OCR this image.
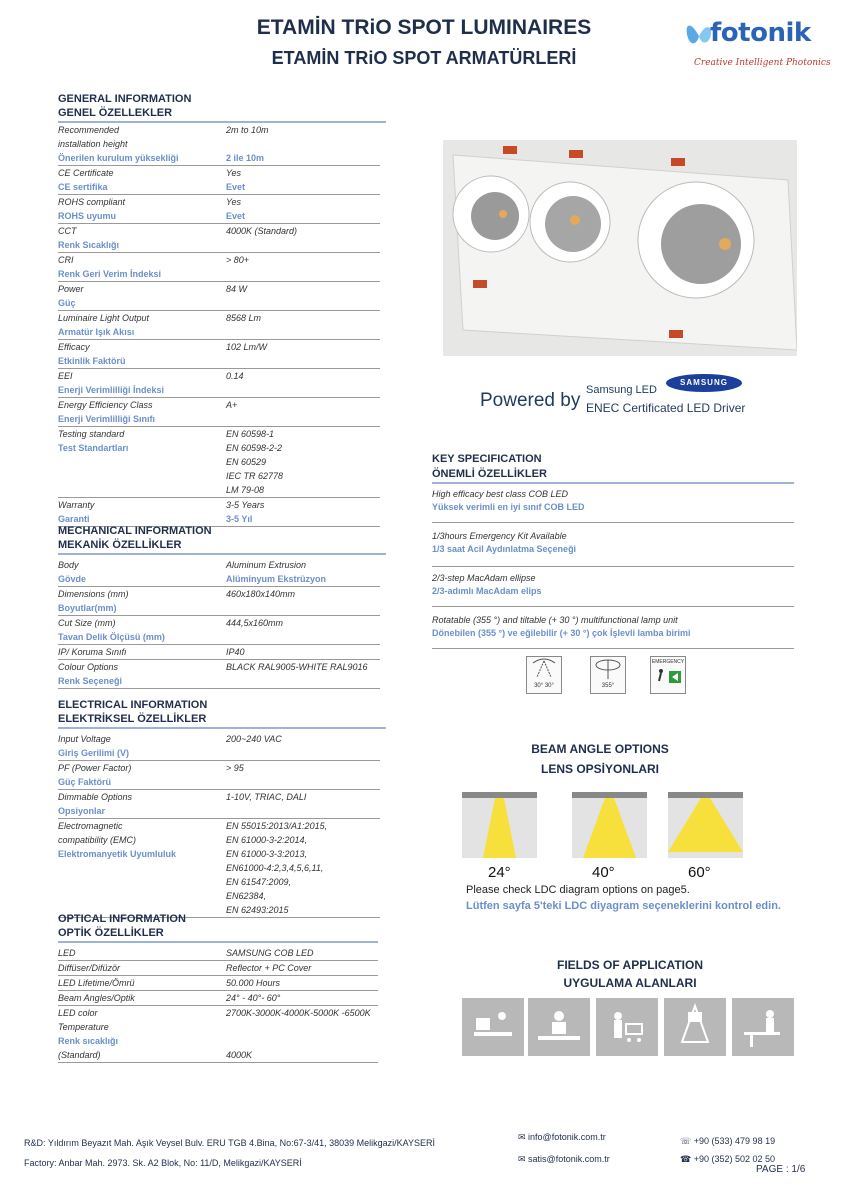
ETAMİN TRiO SPOT LUMINAIRES
ETAMİN TRiO SPOT ARMATÜRLERİ
fotonik
Creative Intelligent Photonics
GENERAL INFORMATION
GENEL ÖZELLEKLER
Recommended	2m to 10m
installation height
Önerilen kurulum yüksekliği	2 ile 10m
CE Certificate	Yes
CE sertifika	Evet
ROHS compliant	Yes
ROHS uyumu	Evet
CCT	4000K (Standard)
Renk Sıcaklığı
CRI	> 80+
Renk Geri Verim İndeksi
Power	84 W
Güç
Luminaire Light Output	8568 Lm
Armatür Işık Akısı
Efficacy	102 Lm/W
Etkinlik Faktörü
EEI	0.14
Enerji Verimlilliği İndeksi
Energy Efficiency Class	A+
Enerji Verimlilliği Sınıfı
Testing standard	EN 60598-1
Test Standartları	EN 60598-2-2
EN 60529
IEC TR 62778
LM 79-08
Warranty	3-5 Years
Garanti	3-5 Yıl
MECHANICAL INFORMATION
MEKANİK ÖZELLİKLER
Body	Aluminum Extrusion
Gövde	Alüminyum Ekstrüzyon
Dimensions (mm)	460x180x140mm
Boyutlar(mm)
Cut Size (mm)	444,5x160mm
Tavan Delik Ölçüsü (mm)
IP/ Koruma Sınıfı	IP40
Colour Options	BLACK RAL9005-WHITE RAL9016
Renk Seçeneği
ELECTRICAL INFORMATION
ELEKTRİKSEL ÖZELLİKLER
Input Voltage	200~240 VAC
Giriş Gerilimi (V)
PF (Power Factor)	> 95
Güç Faktörü
Dimmable Options	1-10V, TRIAC, DALI
Opsiyonlar
Electromagnetic	EN 55015:2013/A1:2015,
compatibility (EMC)	EN 61000-3-2:2014,
Elektromanyetik Uyumluluk	EN 61000-3-3:2013,
EN61000-4:2,3,4,5,6,11,
EN 61547:2009,
EN62384,
EN 62493:2015
OPTICAL INFORMATION
OPTİK ÖZELLİKLER
LED	SAMSUNG COB LED
Diffüser/Difüzör	Reflector + PC Cover
LED Lifetime/Ömrü	50.000 Hours
Beam Angles/Optik	24° - 40°- 60°
LED color	2700K-3000K-4000K-5000K -6500K
Temperature
Renk sıcaklığı
(Standard)	4000K
Powered by Samsung LED
SAMSUNG
ENEC Certificated LED Driver
KEY SPECIFICATION
ÖNEMLİ ÖZELLİKLER
High efficacy best class COB LED
Yüksek verimli en iyi sınıf COB LED
1/3hours Emergency Kit Available
1/3 saat Acil Aydınlatma Seçeneği
2/3-step MacAdam ellipse
2/3-adımlı MacAdam elips
Rotatable (355 °) and tiltable (+ 30 °) multifunctional lamp unit
Dönebilen (355 °) ve eğilebilir (+ 30 °) çok İşlevli lamba birimi
30° 30°	355°
EMERGENCY
BEAM ANGLE OPTIONS
LENS OPSİYONLARI
24°	40°	60°
Please check LDC diagram options on page5.
Lütfen sayfa 5'teki LDC diyagram seçeneklerini kontrol edin.
FIELDS OF APPLICATION
UYGULAMA ALANLARI
R&D: Yıldırım Beyazıt Mah. Aşık Veysel Bulv. ERU TGB 4.Bina, No:67-3/41, 38039 Melikgazi/KAYSERİ
Factory: Anbar Mah. 2973. Sk. A2 Blok, No: 11/D, Melikgazi/KAYSERİ
✉ info@fotonik.com.tr
✉ satis@fotonik.com.tr
☏ +90 (533) 479 98 19
☎ +90 (352) 502 02 50
PAGE : 1/6
